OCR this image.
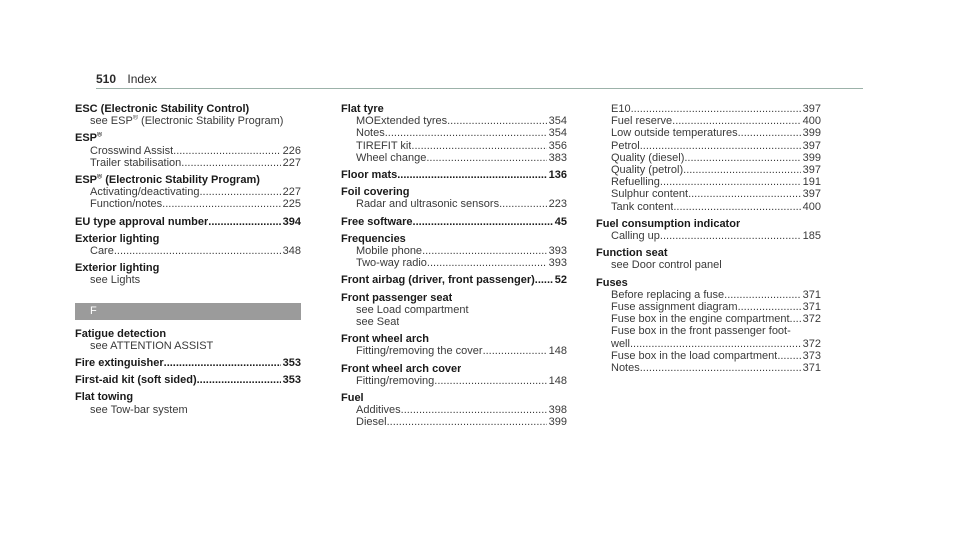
510 Index
ESC (Electronic Stability Control)
see ESP® (Electronic Stability Program)
ESP®
Crosswind Assist .....	226
Trailer stabilisation .....	227
ESP® (Electronic Stability Program)
Activating/deactivating .....	227
Function/notes .....	225
EU type approval number .....	394
Exterior lighting
Care .....	348
Exterior lighting
see Lights
F
Fatigue detection
see ATTENTION ASSIST
Fire extinguisher .....	353
First-aid kit (soft sided) .....	353
Flat towing
see Tow-bar system
Flat tyre
MOExtended tyres .....	354
Notes .....	354
TIREFIT kit .....	356
Wheel change .....	383
Floor mats .....	136
Foil covering
Radar and ultrasonic sensors .....	223
Free software .....	45
Frequencies
Mobile phone .....	393
Two-way radio .....	393
Front airbag (driver, front passenger) ..... 52
Front passenger seat
see Load compartment
see Seat
Front wheel arch
Fitting/removing the cover .....	148
Front wheel arch cover
Fitting/removing .....	148
Fuel
Additives .....	398
Diesel .....	399
E10 .....	397
Fuel reserve .....	400
Low outside temperatures .....	399
Petrol .....	397
Quality (diesel) .....	399
Quality (petrol) .....	397
Refuelling .....	191
Sulphur content .....	397
Tank content .....	400
Fuel consumption indicator
Calling up .....	185
Function seat
see Door control panel
Fuses
Before replacing a fuse .....	371
Fuse assignment diagram .....	371
Fuse box in the engine compartment ..... 372
Fuse box in the front passenger foot-
well .....	372
Fuse box in the load compartment ..... 373
Notes .....	371
